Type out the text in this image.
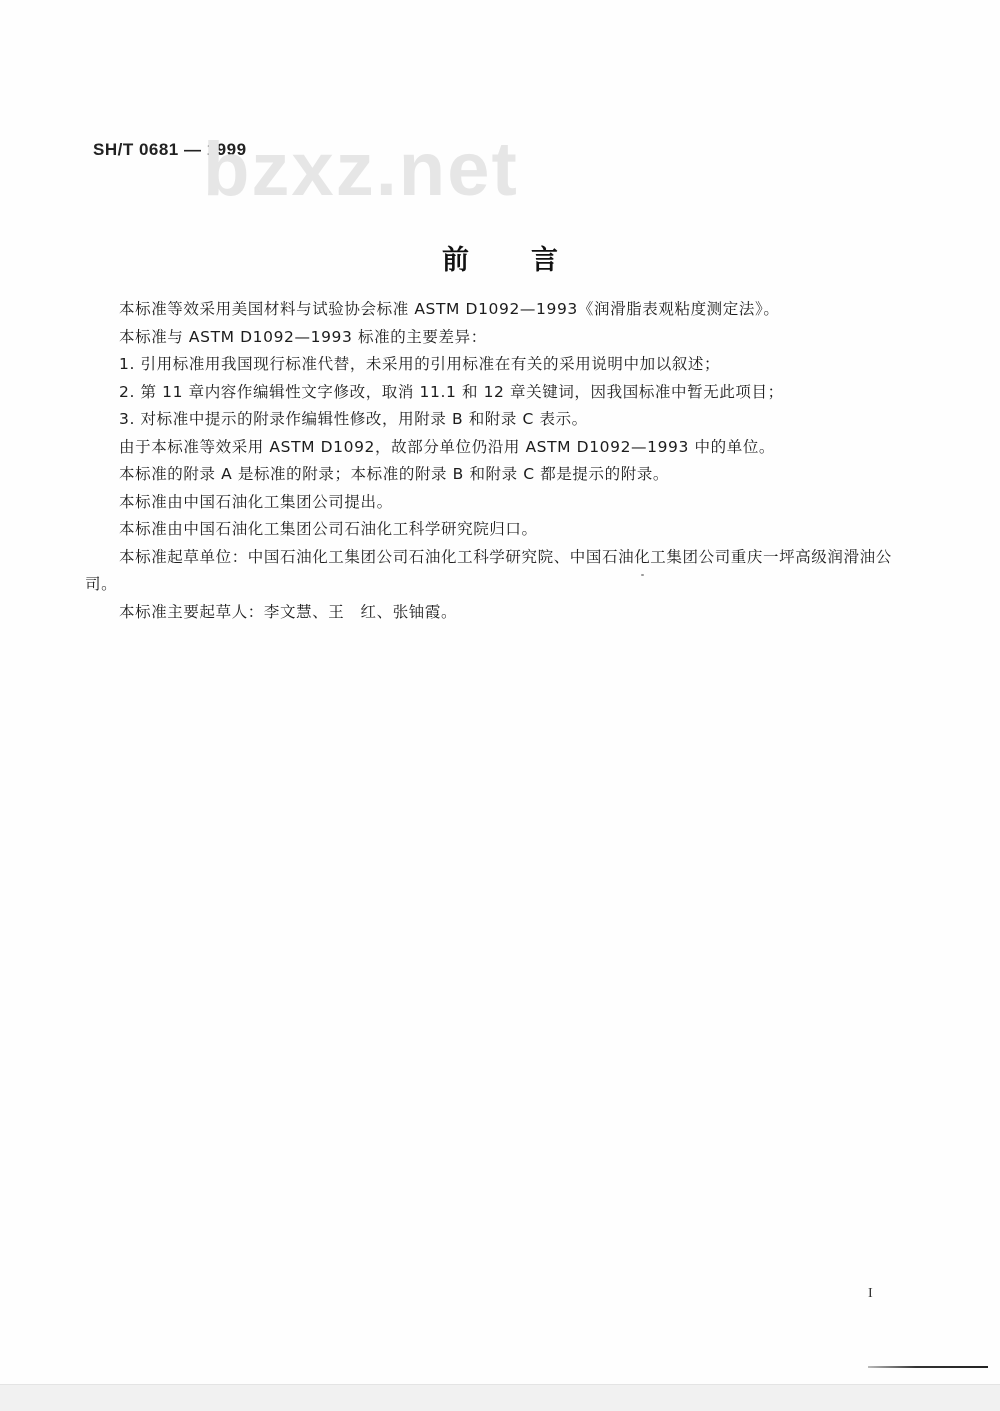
SH/T 0681 — 1999
bzxz.net
前言

本标准等效采用美国材料与试验协会标准 ASTM D1092—1993《润滑脂表观粘度测定法》。

本标准与 ASTM D1092—1993 标准的主要差异：

1. 引用标准用我国现行标准代替，未采用的引用标准在有关的采用说明中加以叙述；

2. 第 11 章内容作编辑性文字修改，取消 11.1 和 12 章关键词，因我国标准中暂无此项目；

3. 对标准中提示的附录作编辑性修改，用附录 B 和附录 C 表示。

由于本标准等效采用 ASTM D1092，故部分单位仍沿用 ASTM D1092—1993 中的单位。

本标准的附录 A 是标准的附录；本标准的附录 B 和附录 C 都是提示的附录。

本标准由中国石油化工集团公司提出。

本标准由中国石油化工集团公司石油化工科学研究院归口。

本标准起草单位：中国石油化工集团公司石油化工科学研究院、中国石油化工集团公司重庆一坪高级润滑油公司。

本标准主要起草人：李文慧、王　红、张铀霞。

I
